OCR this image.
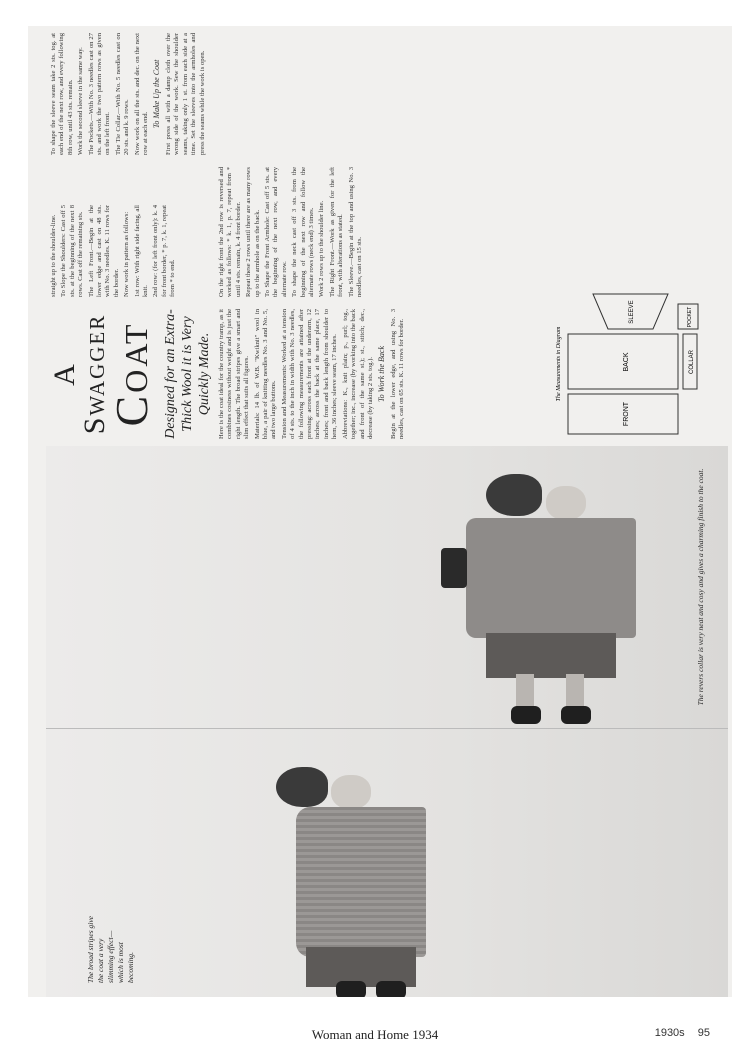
The broad stripes give the coat a very slimming effect—which is most becoming.
The revers collar is very neat and cosy and gives a charming finish to the coat.
A Swagger
Coat Designed for an Extra-Thick Wool it is Very Quickly Made.

straight up to the shoulder-line. To Slope the Shoulders: Cast off 5 sts. at the beginning of the next 8 rows. Cast off the remaining sts. The Left Front.—Begin at the lower edge and cast on 48 sts. with No. 3 needles. K. 11 rows for the border. Now work in pattern as follows: 1st row: With right side facing, all knit. 2nd row: (for left front only): k. 4 for front border, * p. 7, k. 1, repeat from * to end.

Here is the coat ideal for the country tramp, as it combines cosiness without weight and is just the right length. The broad stripes give a smart and slim effect that suits all figures. Materials: 14 lb. of W.B. "Kwiknit" wool in blue, a pair of knitting needles No. 3 and No. 5, and two large buttons. Tension and Measurements: Worked at a tension of 4 sts. to the inch in width with No. 3 needles, the following measurements are attained after pressing: across each front at the underarm, 12 inches; across the back at the same place, 17 inches; front and back length from shoulder to hem, 36 inches; sleeve seam, 17 inches. Abbreviations: K., knit plain; p., purl; tog., together; inc., increase (by working into the back and front of the same st.); st., stitch; dec., decrease (by taking 2 sts. tog.). To Work the Back Begin at the lower edge, and using No. 3 needles, cast on 65 sts. K. 11 rows for border.

On the right front the 2nd row is reversed and worked as follows: * k. 1, p. 7, repeat from * until 4 sts. remain, k. 4 front border. Repeat these 2 rows until there are as many rows up to the armhole as on the back. To Shape the Front Armhole: Cast off 5 sts. at the beginning of the next row, and every alternate row. To shape the neck cast off 3 sts. from the beginning of the next row and follow the alternate rows (neck end) 3 times. Work 2 rows up to the shoulder line. The Right Front.—Work as given for the left front, with alterations as stated. The Sleeve.—Begin at the top and using No. 3 needles, cast on 15 sts.

To shape the sleeve seam take 2 sts. tog. at each end of the next row, and every following 8th row, until 43 sts. remain. Work the second sleeve in the same way. The Pockets.—With No. 3 needles cast on 27 sts. and work the two pattern rows as given on the left front. The Tie Collar.—With No. 5 needles cast on 20 sts. and k. 9 rows. Now work on all the sts. and dec. on the next row at each end.

To Make Up the Coat First press all with a damp cloth over the wrong side of the work. Sew the shoulder seams, taking only 1 st. from each side at a time. Set the sleeves into the armholes and press the seams while the work is open.

FRONT
BACK
SLEEVE
COLLAR
POCKET
The Measurements in Diagram
Woman and Home 1934	1930s 95
